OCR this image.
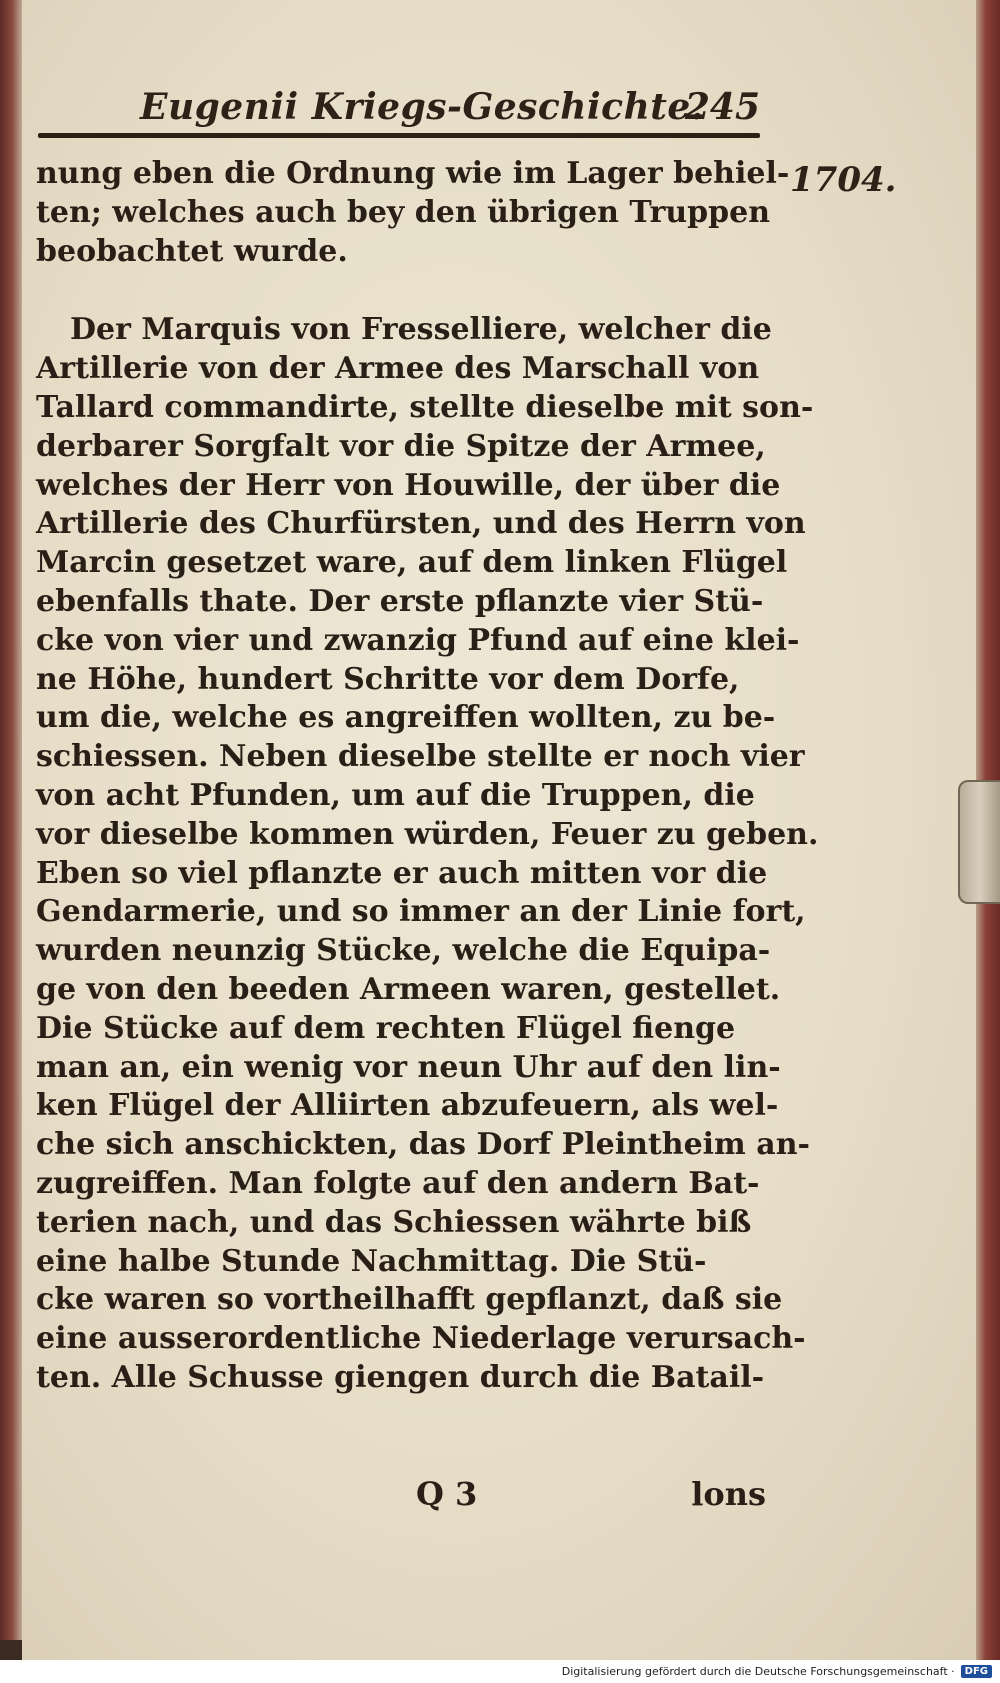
Eugenii Kriegs-Geschichte.
245
1704.
nung eben die Ordnung wie im Lager behiel-
ten; welches auch bey den übrigen Truppen
beobachtet wurde.
Der Marquis von Fresselliere, welcher die
Artillerie von der Armee des Marschall von
Tallard commandirte, stellte dieselbe mit son-
derbarer Sorgfalt vor die Spitze der Armee,
welches der Herr von Houwille, der über die
Artillerie des Churfürsten, und des Herrn von
Marcin gesetzet ware, auf dem linken Flügel
ebenfalls thate. Der erste pflanzte vier Stü-
cke von vier und zwanzig Pfund auf eine klei-
ne Höhe, hundert Schritte vor dem Dorfe,
um die, welche es angreiffen wollten, zu be-
schiessen. Neben dieselbe stellte er noch vier
von acht Pfunden, um auf die Truppen, die
vor dieselbe kommen würden, Feuer zu geben.
Eben so viel pflanzte er auch mitten vor die
Gendarmerie, und so immer an der Linie fort,
wurden neunzig Stücke, welche die Equipa-
ge von den beeden Armeen waren, gestellet.
Die Stücke auf dem rechten Flügel fienge
man an, ein wenig vor neun Uhr auf den lin-
ken Flügel der Alliirten abzufeuern, als wel-
che sich anschickten, das Dorf Pleintheim an-
zugreiffen. Man folgte auf den andern Bat-
terien nach, und das Schiessen währte biß
eine halbe Stunde Nachmittag. Die Stü-
cke waren so vortheilhafft gepflanzt, daß sie
eine ausserordentliche Niederlage verursach-
ten. Alle Schusse giengen durch die Batail-
Q 3	lons
Digitalisierung gefördert durch die Deutsche Forschungsgemeinschaft ·	DFG
